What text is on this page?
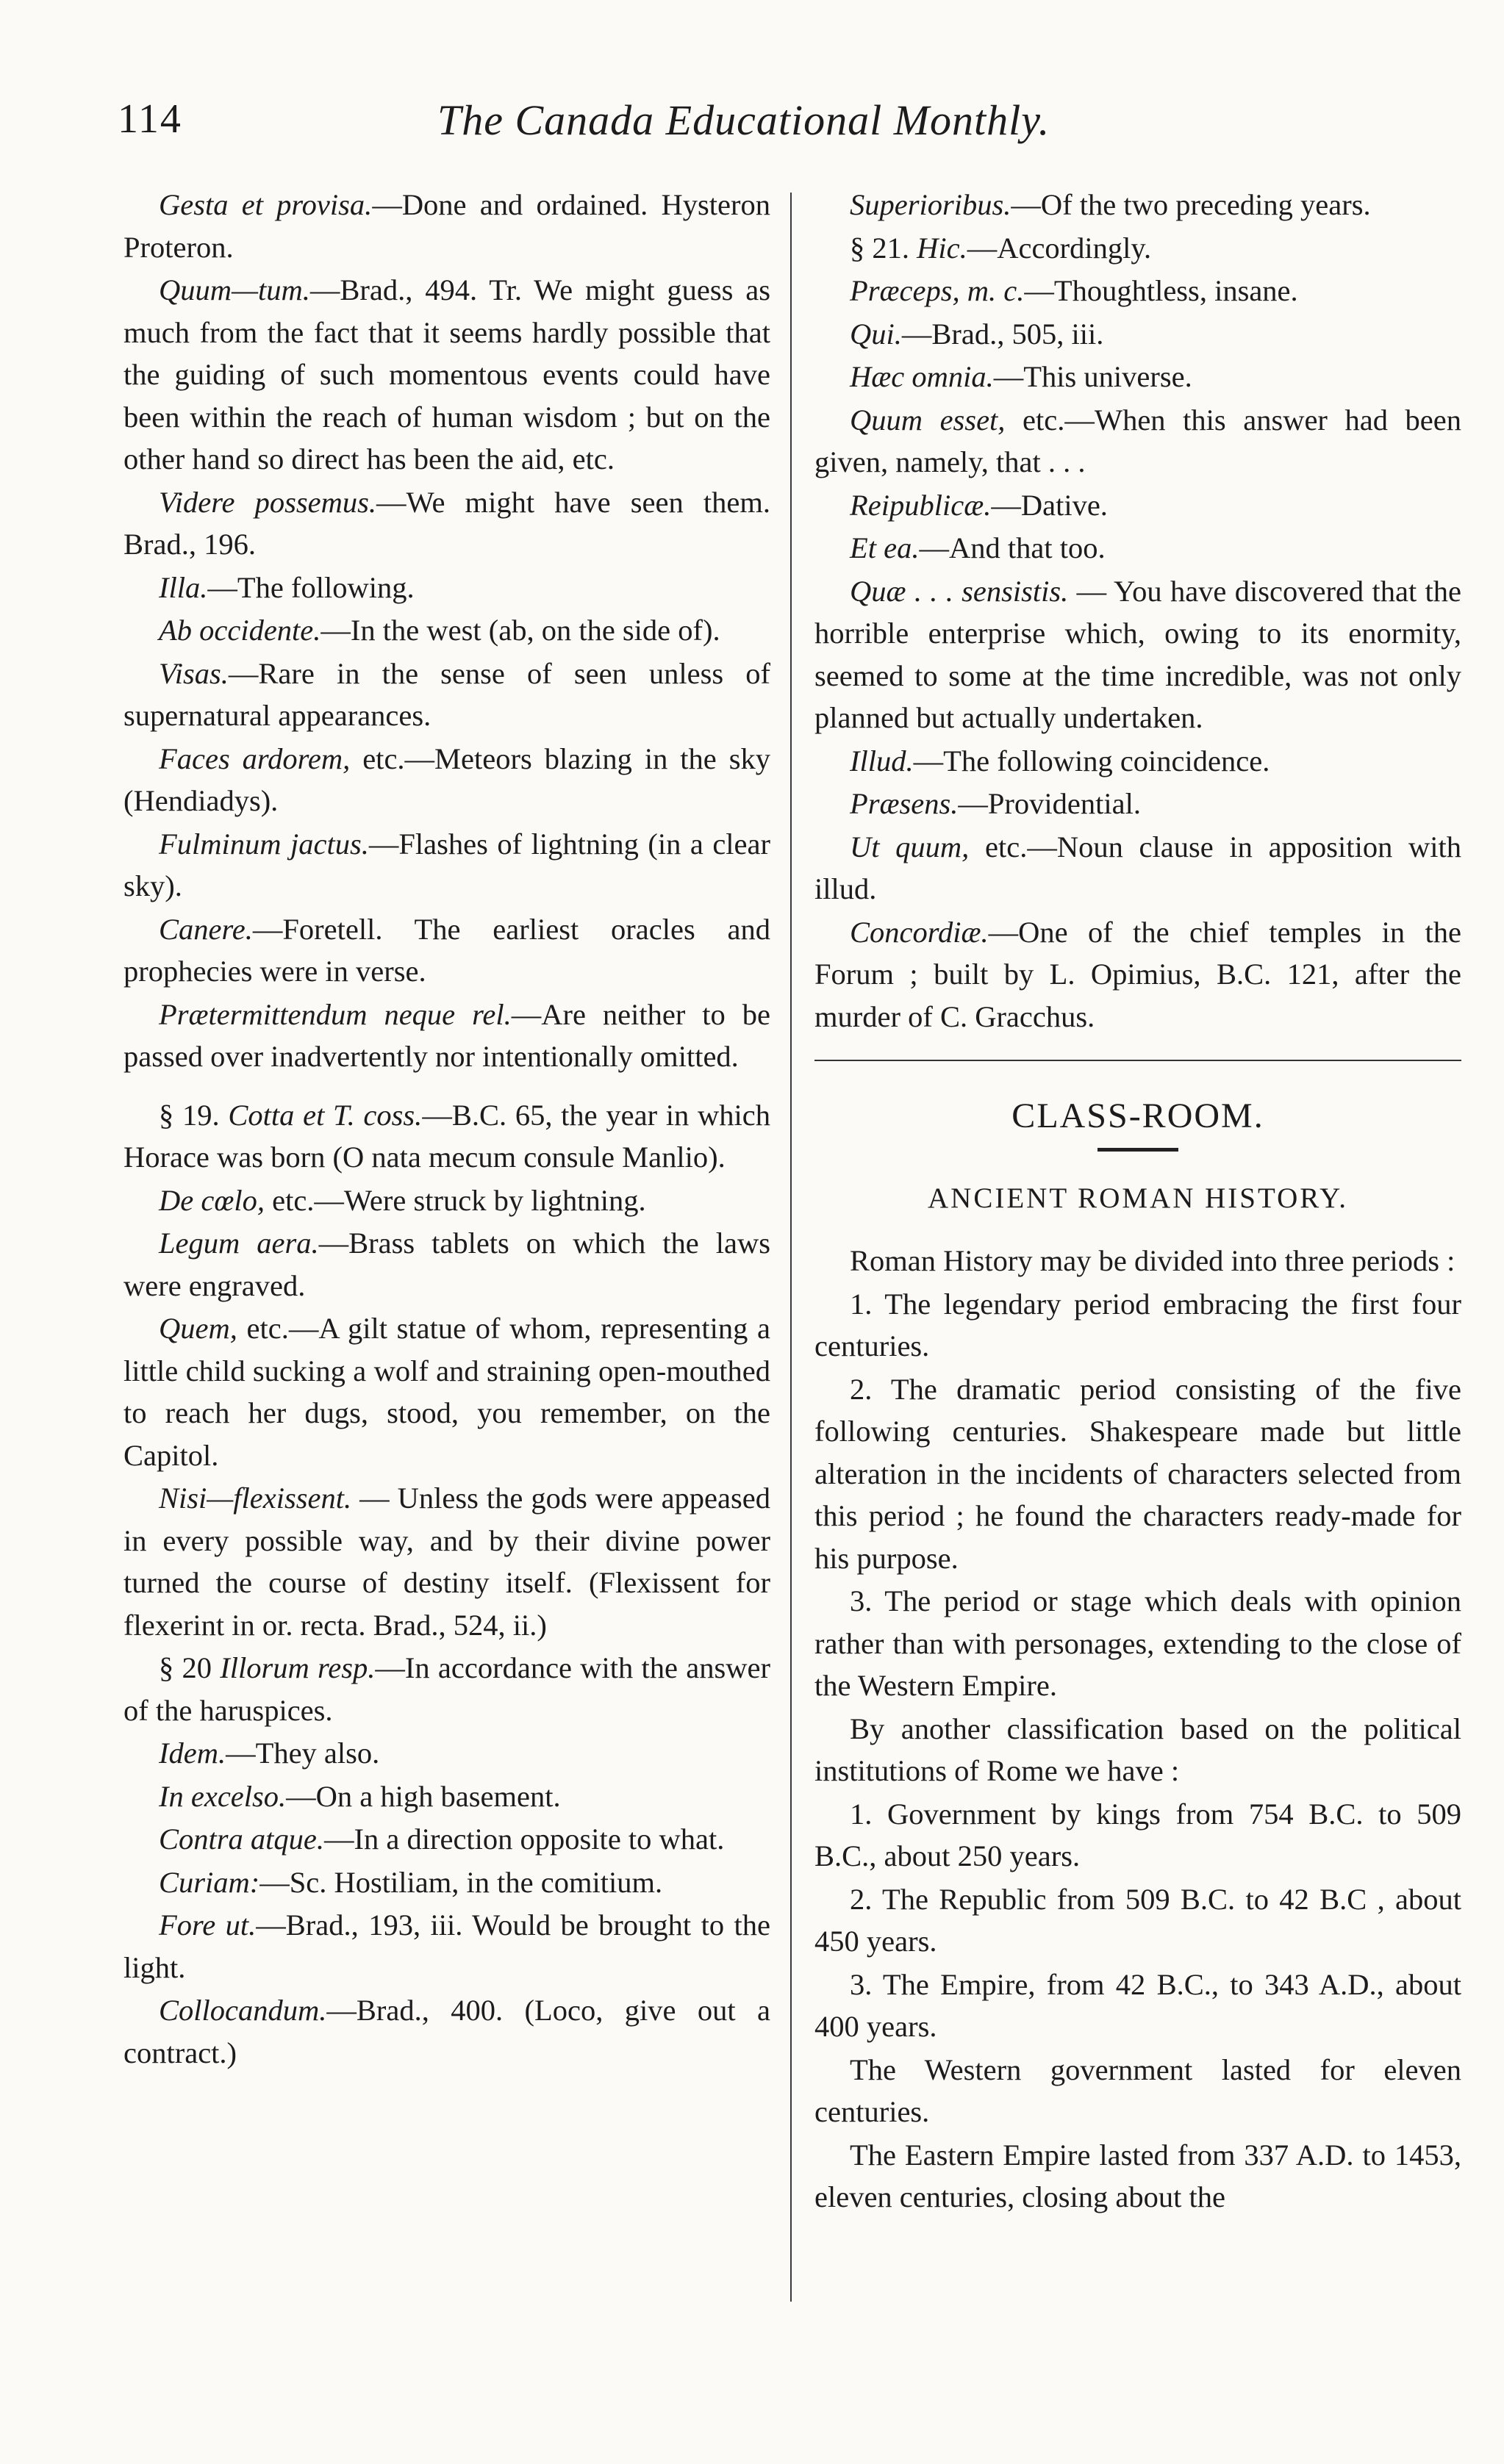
114	The Canada Educational Monthly.

Gesta et provisa.—Done and ordained. Hysteron Proteron.

Quum—tum.—Brad., 494. Tr. We might guess as much from the fact that it seems hardly possible that the guiding of such momentous events could have been within the reach of human wisdom ; but on the other hand so direct has been the aid, etc.

Videre possemus.—We might have seen them. Brad., 196.

Illa.—The following.

Ab occidente.—In the west (ab, on the side of).

Visas.—Rare in the sense of seen unless of supernatural appearances.

Faces ardorem, etc.—Meteors blazing in the sky (Hendiadys).

Fulminum jactus.—Flashes of lightning (in a clear sky).

Canere.—Foretell. The earliest oracles and prophecies were in verse.

Prætermittendum neque rel.—Are neither to be passed over inadvertently nor intentionally omitted.

§ 19. Cotta et T. coss.—B.C. 65, the year in which Horace was born (O nata mecum consule Manlio).

De cœlo, etc.—Were struck by lightning.

Legum aera.—Brass tablets on which the laws were engraved.

Quem, etc.—A gilt statue of whom, representing a little child sucking a wolf and straining open-mouthed to reach her dugs, stood, you remember, on the Capitol.

Nisi—flexissent. — Unless the gods were appeased in every possible way, and by their divine power turned the course of destiny itself. (Flexissent for flexerint in or. recta. Brad., 524, ii.)

§ 20 Illorum resp.—In accordance with the answer of the haruspices.

Idem.—They also.

In excelso.—On a high basement.

Contra atque.—In a direction opposite to what.

Curiam:—Sc. Hostiliam, in the comitium.

Fore ut.—Brad., 193, iii. Would be brought to the light.

Collocandum.—Brad., 400. (Loco, give out a contract.)

Superioribus.—Of the two preceding years.

§ 21. Hic.—Accordingly.

Præceps, m. c.—Thoughtless, insane.

Qui.—Brad., 505, iii.

Hæc omnia.—This universe.

Quum esset, etc.—When this answer had been given, namely, that . . .

Reipublicæ.—Dative.

Et ea.—And that too.

Quæ . . . sensistis. — You have discovered that the horrible enterprise which, owing to its enormity, seemed to some at the time incredible, was not only planned but actually undertaken.

Illud.—The following coincidence.

Præsens.—Providential.

Ut quum, etc.—Noun clause in apposition with illud.

Concordiæ.—One of the chief temples in the Forum ; built by L. Opimius, B.C. 121, after the murder of C. Gracchus.

CLASS-ROOM.

ANCIENT ROMAN HISTORY.

Roman History may be divided into three periods :

1. The legendary period embracing the first four centuries.

2. The dramatic period consisting of the five following centuries. Shakespeare made but little alteration in the incidents of characters selected from this period ; he found the characters ready-made for his purpose.

3. The period or stage which deals with opinion rather than with personages, extending to the close of the Western Empire.

By another classification based on the political institutions of Rome we have :

1. Government by kings from 754 B.C. to 509 B.C., about 250 years.

2. The Republic from 509 B.C. to 42 B.C , about 450 years.

3. The Empire, from 42 B.C., to 343 A.D., about 400 years.

The Western government lasted for eleven centuries.

The Eastern Empire lasted from 337 A.D. to 1453, eleven centuries, closing about the
